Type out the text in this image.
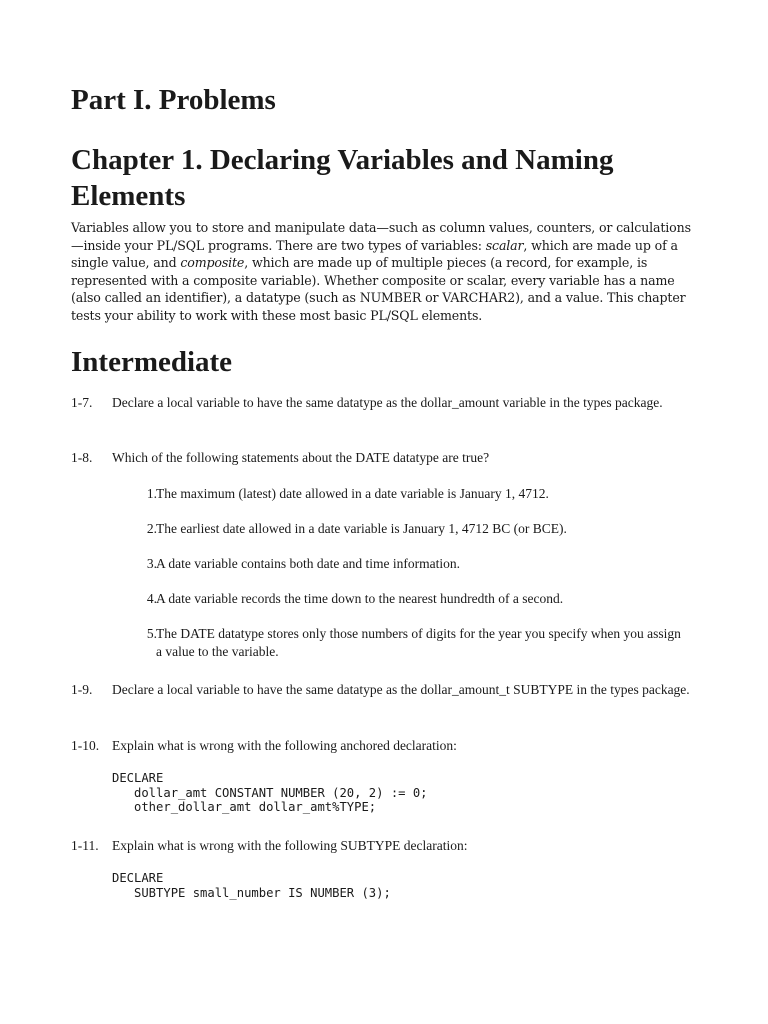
Part I. Problems
Chapter 1. Declaring Variables and Naming Elements

Variables allow you to store and manipulate data—such as column values, counters, or calculations—inside your PL/SQL programs. There are two types of variables: scalar, which are made up of a single value, and composite, which are made up of multiple pieces (a record, for example, is represented with a composite variable). Whether composite or scalar, every variable has a name (also called an identifier), a datatype (such as NUMBER or VARCHAR2), and a value. This chapter tests your ability to work with these most basic PL/SQL elements.

Intermediate
1-7.	Declare a local variable to have the same datatype as the dollar_amount variable in the types package.
1-8.	Which of the following statements about the DATE datatype are true?
1. The maximum (latest) date allowed in a date variable is January 1, 4712.
2. The earliest date allowed in a date variable is January 1, 4712 BC (or BCE).
3. A date variable contains both date and time information.
4. A date variable records the time down to the nearest hundredth of a second.
5. The DATE datatype stores only those numbers of digits for the year you specify when you assign a value to the variable.
1-9.	Declare a local variable to have the same datatype as the dollar_amount_t SUBTYPE in the types package.
1-10. Explain what is wrong with the following anchored declaration:
DECLARE
dollar_amt CONSTANT NUMBER (20, 2) := 0;
other_dollar_amt dollar_amt%TYPE;
1-11. Explain what is wrong with the following SUBTYPE declaration:
DECLARE
SUBTYPE small_number IS NUMBER (3);
